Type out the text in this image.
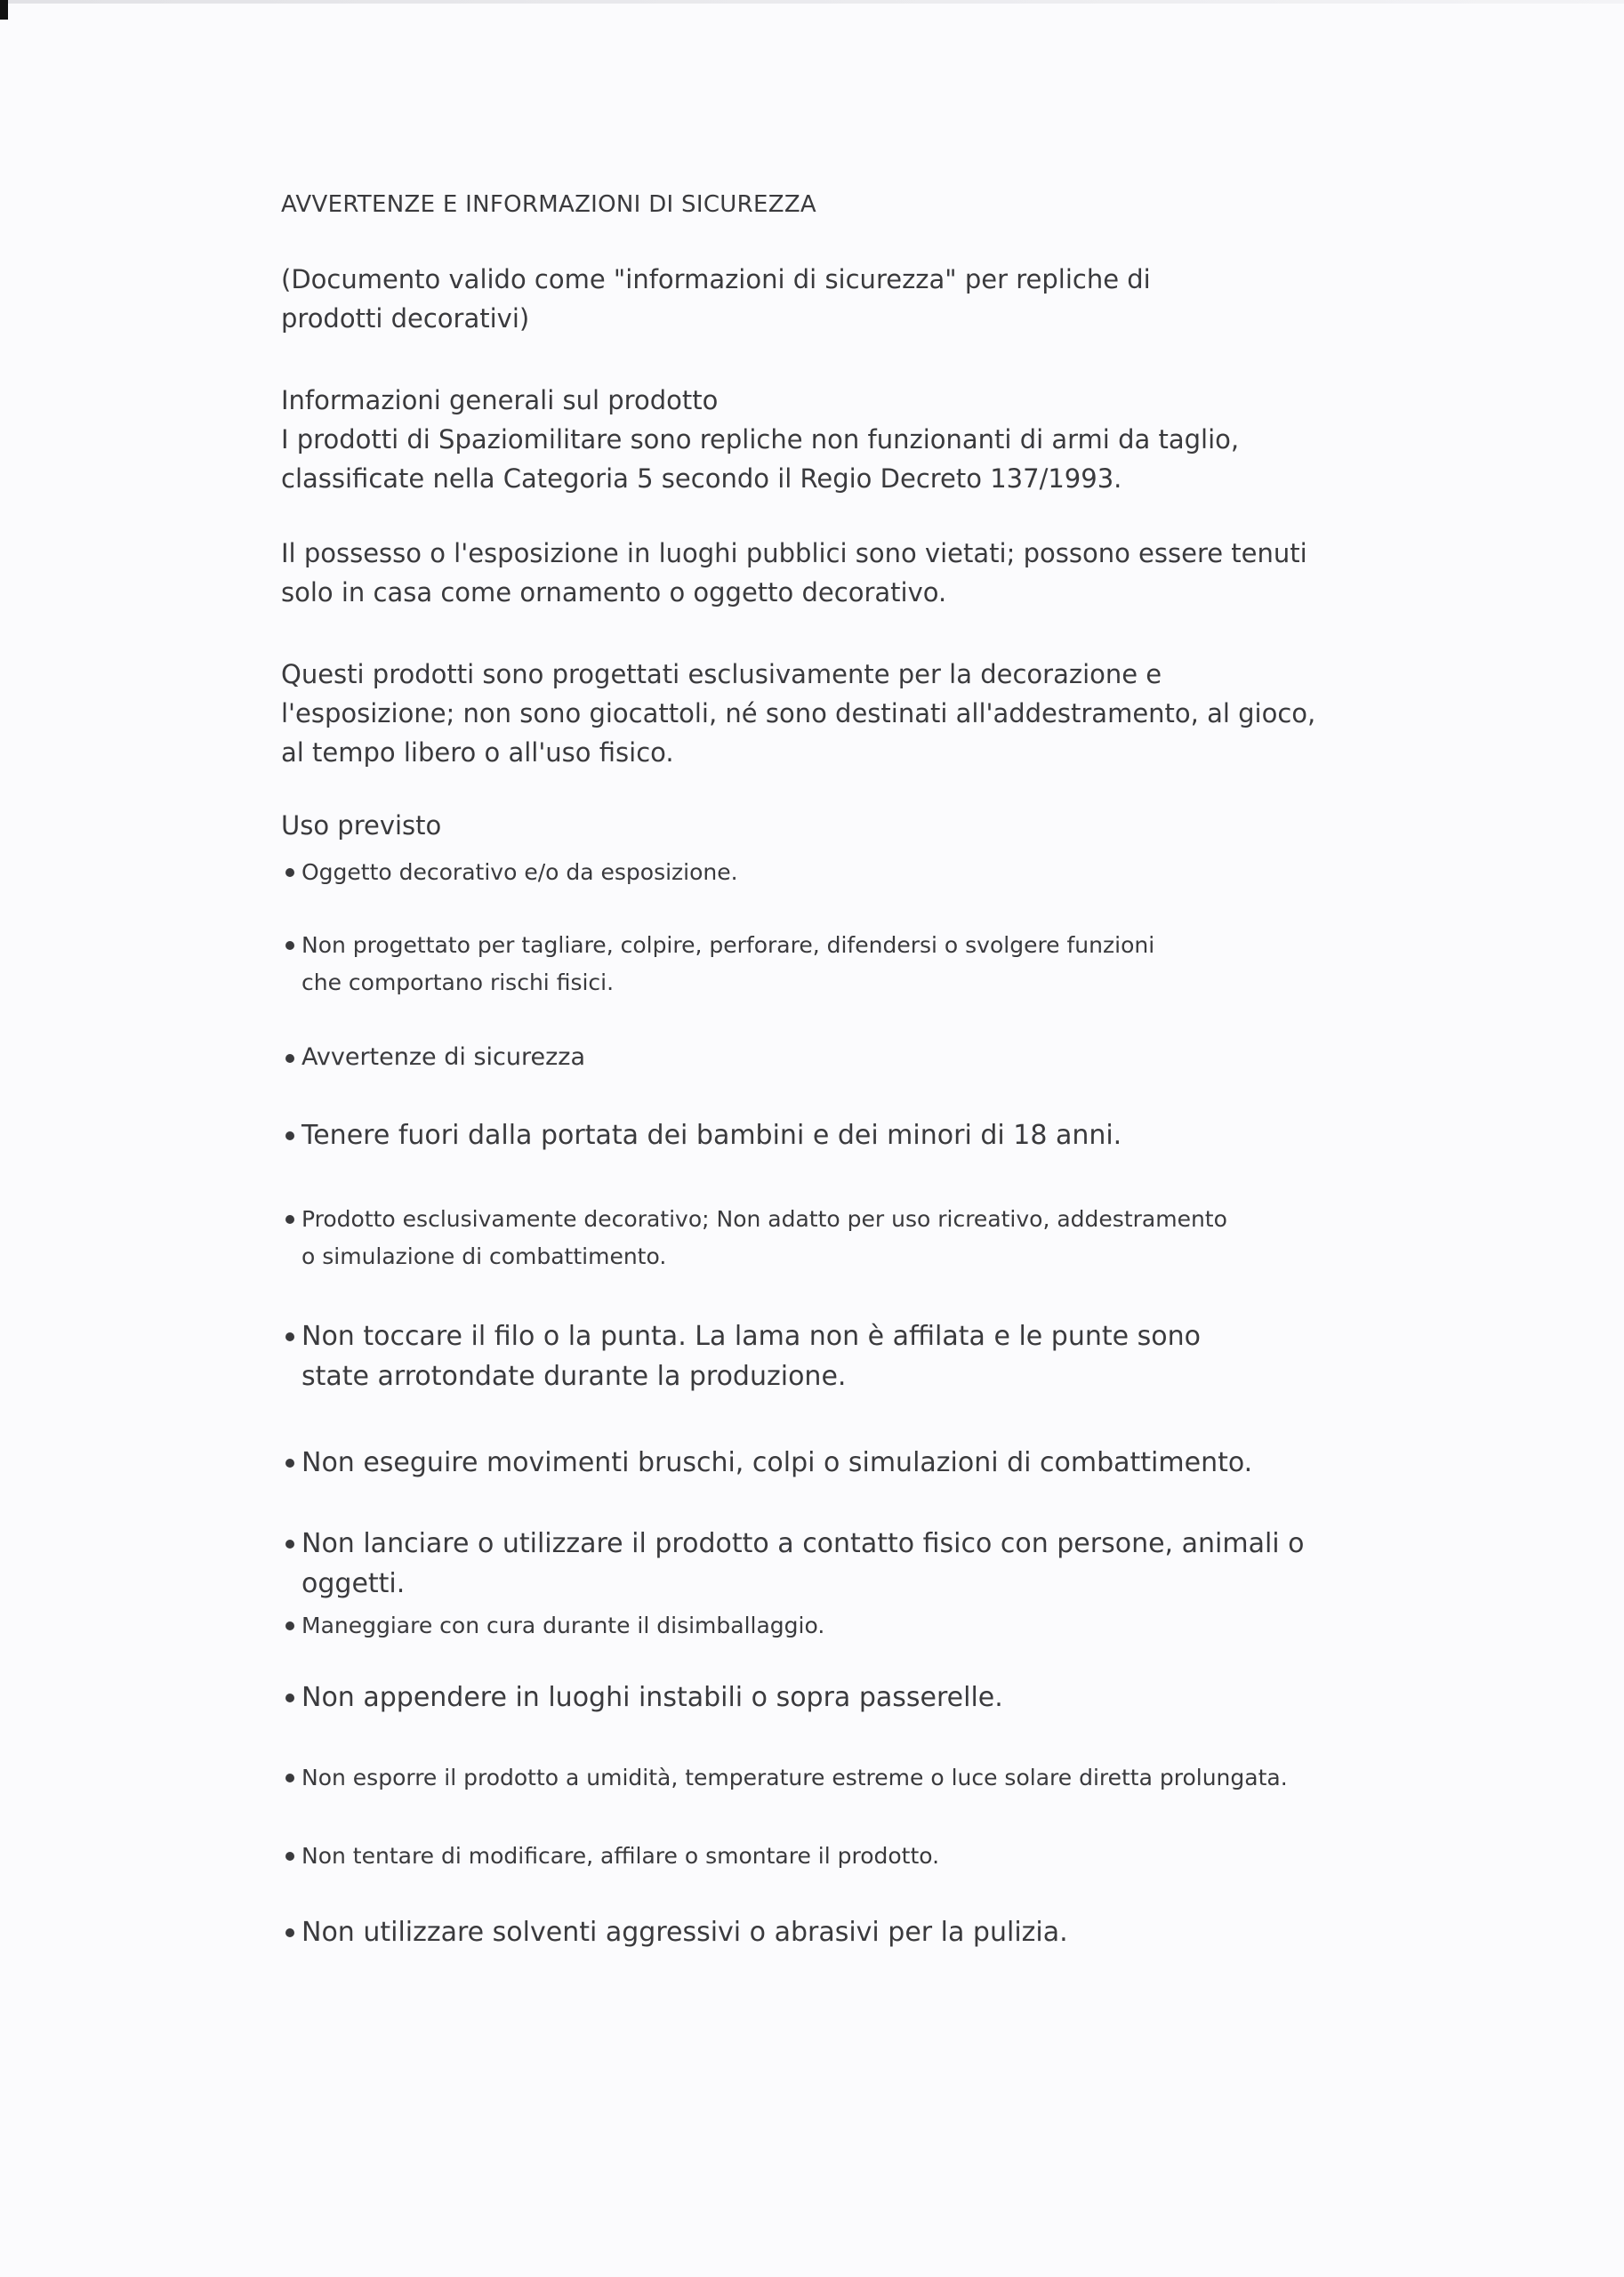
AVVERTENZE E INFORMAZIONI DI SICUREZZA

(Documento valido come "informazioni di sicurezza" per repliche di prodotti decorativi)

Informazioni generali sul prodotto

I prodotti di Spaziomilitare sono repliche non funzionanti di armi da taglio, classificate nella Categoria 5 secondo il Regio Decreto 137/1993.

Il possesso o l'esposizione in luoghi pubblici sono vietati; possono essere tenuti solo in casa come ornamento o oggetto decorativo.

Questi prodotti sono progettati esclusivamente per la decorazione e l'esposizione; non sono giocattoli, né sono destinati all'addestramento, al gioco, al tempo libero o all'uso fisico.

Uso previsto

Oggetto decorativo e/o da esposizione.
Non progettato per tagliare, colpire, perforare, difendersi o svolgere funzioni che comportano rischi fisici.
Avvertenze di sicurezza
Tenere fuori dalla portata dei bambini e dei minori di 18 anni.
Prodotto esclusivamente decorativo; Non adatto per uso ricreativo, addestramento o simulazione di combattimento.
Non toccare il filo o la punta. La lama non è affilata e le punte sono state arrotondate durante la produzione.
Non eseguire movimenti bruschi, colpi o simulazioni di combattimento.
Non lanciare o utilizzare il prodotto a contatto fisico con persone, animali o oggetti.
Maneggiare con cura durante il disimballaggio.
Non appendere in luoghi instabili o sopra passerelle.
Non esporre il prodotto a umidità, temperature estreme o luce solare diretta prolungata.
Non tentare di modificare, affilare o smontare il prodotto.
Non utilizzare solventi aggressivi o abrasivi per la pulizia.
